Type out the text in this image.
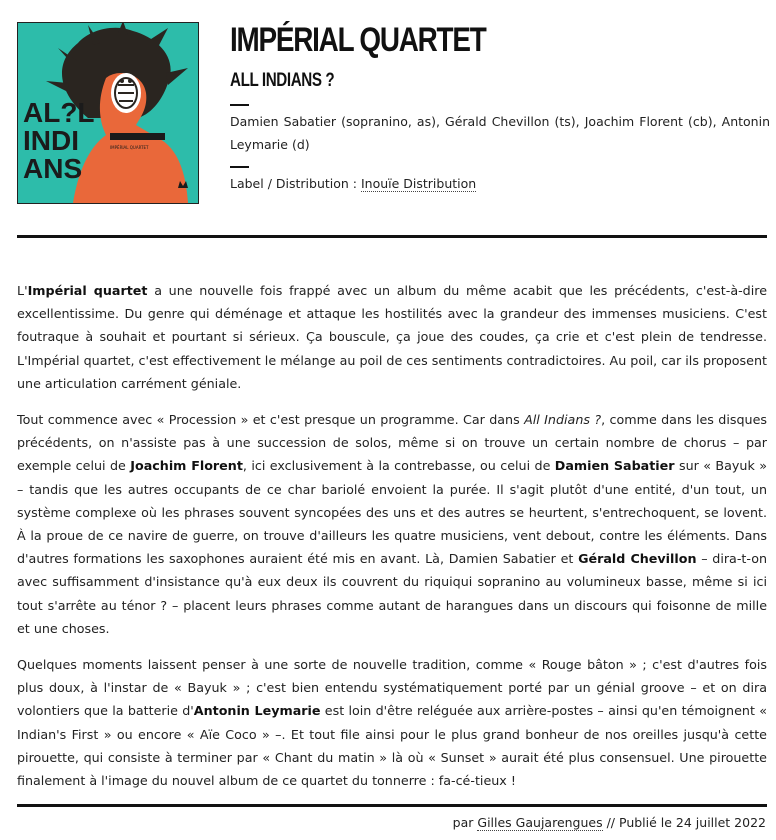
AL?L
INDI
ANS
IMPÉRIAL QUARTET
IMPÉRIAL QUARTET
ALL INDIANS ?
Damien Sabatier (sopranino, as), Gérald Chevillon (ts), Joachim Florent (cb), Antonin Leymarie (d)
Label / Distribution : Inouïe Distribution

L'Impérial quartet a une nouvelle fois frappé avec un album du même acabit que les précédents, c'est-à-dire excellentissime. Du genre qui déménage et attaque les hostilités avec la grandeur des immenses musiciens. C'est foutraque à souhait et pourtant si sérieux. Ça bouscule, ça joue des coudes, ça crie et c'est plein de tendresse. L'Impérial quartet, c'est effectivement le mélange au poil de ces sentiments contradictoires. Au poil, car ils proposent une articulation carrément géniale.

Tout commence avec « Procession » et c'est presque un programme. Car dans All Indians ?, comme dans les disques précédents, on n'assiste pas à une succession de solos, même si on trouve un certain nombre de chorus – par exemple celui de Joachim Florent, ici exclusivement à la contrebasse, ou celui de Damien Sabatier sur « Bayuk » – tandis que les autres occupants de ce char bariolé envoient la purée. Il s'agit plutôt d'une entité, d'un tout, un système complexe où les phrases souvent syncopées des uns et des autres se heurtent, s'entrechoquent, se lovent. À la proue de ce navire de guerre, on trouve d'ailleurs les quatre musiciens, vent debout, contre les éléments. Dans d'autres formations les saxophones auraient été mis en avant. Là, Damien Sabatier et Gérald Chevillon – dira-t-on avec suffisamment d'insistance qu'à eux deux ils couvrent du riquiqui sopranino au volumineux basse, même si ici tout s'arrête au ténor ? – placent leurs phrases comme autant de harangues dans un discours qui foisonne de mille et une choses.

Quelques moments laissent penser à une sorte de nouvelle tradition, comme « Rouge bâton » ; c'est d'autres fois plus doux, à l'instar de « Bayuk » ; c'est bien entendu systématiquement porté par un génial groove – et on dira volontiers que la batterie d'Antonin Leymarie est loin d'être reléguée aux arrière-postes – ainsi qu'en témoignent « Indian's First » ou encore « Aïe Coco » –. Et tout file ainsi pour le plus grand bonheur de nos oreilles jusqu'à cette pirouette, qui consiste à terminer par « Chant du matin » là où « Sunset » aurait été plus consensuel. Une pirouette finalement à l'image du nouvel album de ce quartet du tonnerre : fa-cé-tieux !

par Gilles Gaujarengues // Publié le 24 juillet 2022
